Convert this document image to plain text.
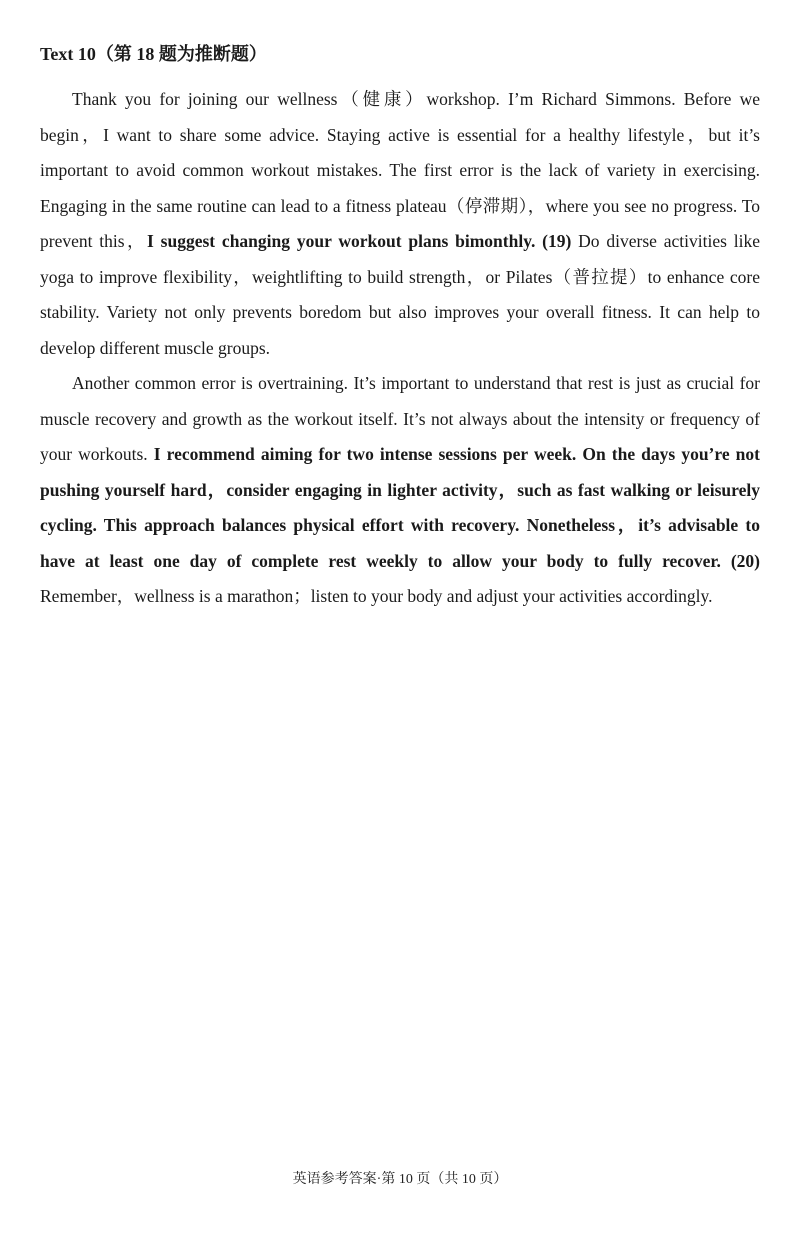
Text 10（第 18 题为推断题）

Thank you for joining our wellness（健康）workshop. I’m Richard Simmons. Before we begin，I want to share some advice. Staying active is essential for a healthy lifestyle，but it’s important to avoid common workout mistakes. The first error is the lack of variety in exercising. Engaging in the same routine can lead to a fitness plateau（停滞期），where you see no progress. To prevent this，I suggest changing your workout plans bimonthly. (19) Do diverse activities like yoga to improve flexibility，weightlifting to build strength，or Pilates（普拉提）to enhance core stability. Variety not only prevents boredom but also improves your overall fitness. It can help to develop different muscle groups.

Another common error is overtraining. It’s important to understand that rest is just as crucial for muscle recovery and growth as the workout itself. It’s not always about the intensity or frequency of your workouts. I recommend aiming for two intense sessions per week. On the days you’re not pushing yourself hard，consider engaging in lighter activity，such as fast walking or leisurely cycling. This approach balances physical effort with recovery. Nonetheless，it’s advisable to have at least one day of complete rest weekly to allow your body to fully recover. (20) Remember，wellness is a marathon；listen to your body and adjust your activities accordingly.

英语参考答案·第 10 页（共 10 页）
